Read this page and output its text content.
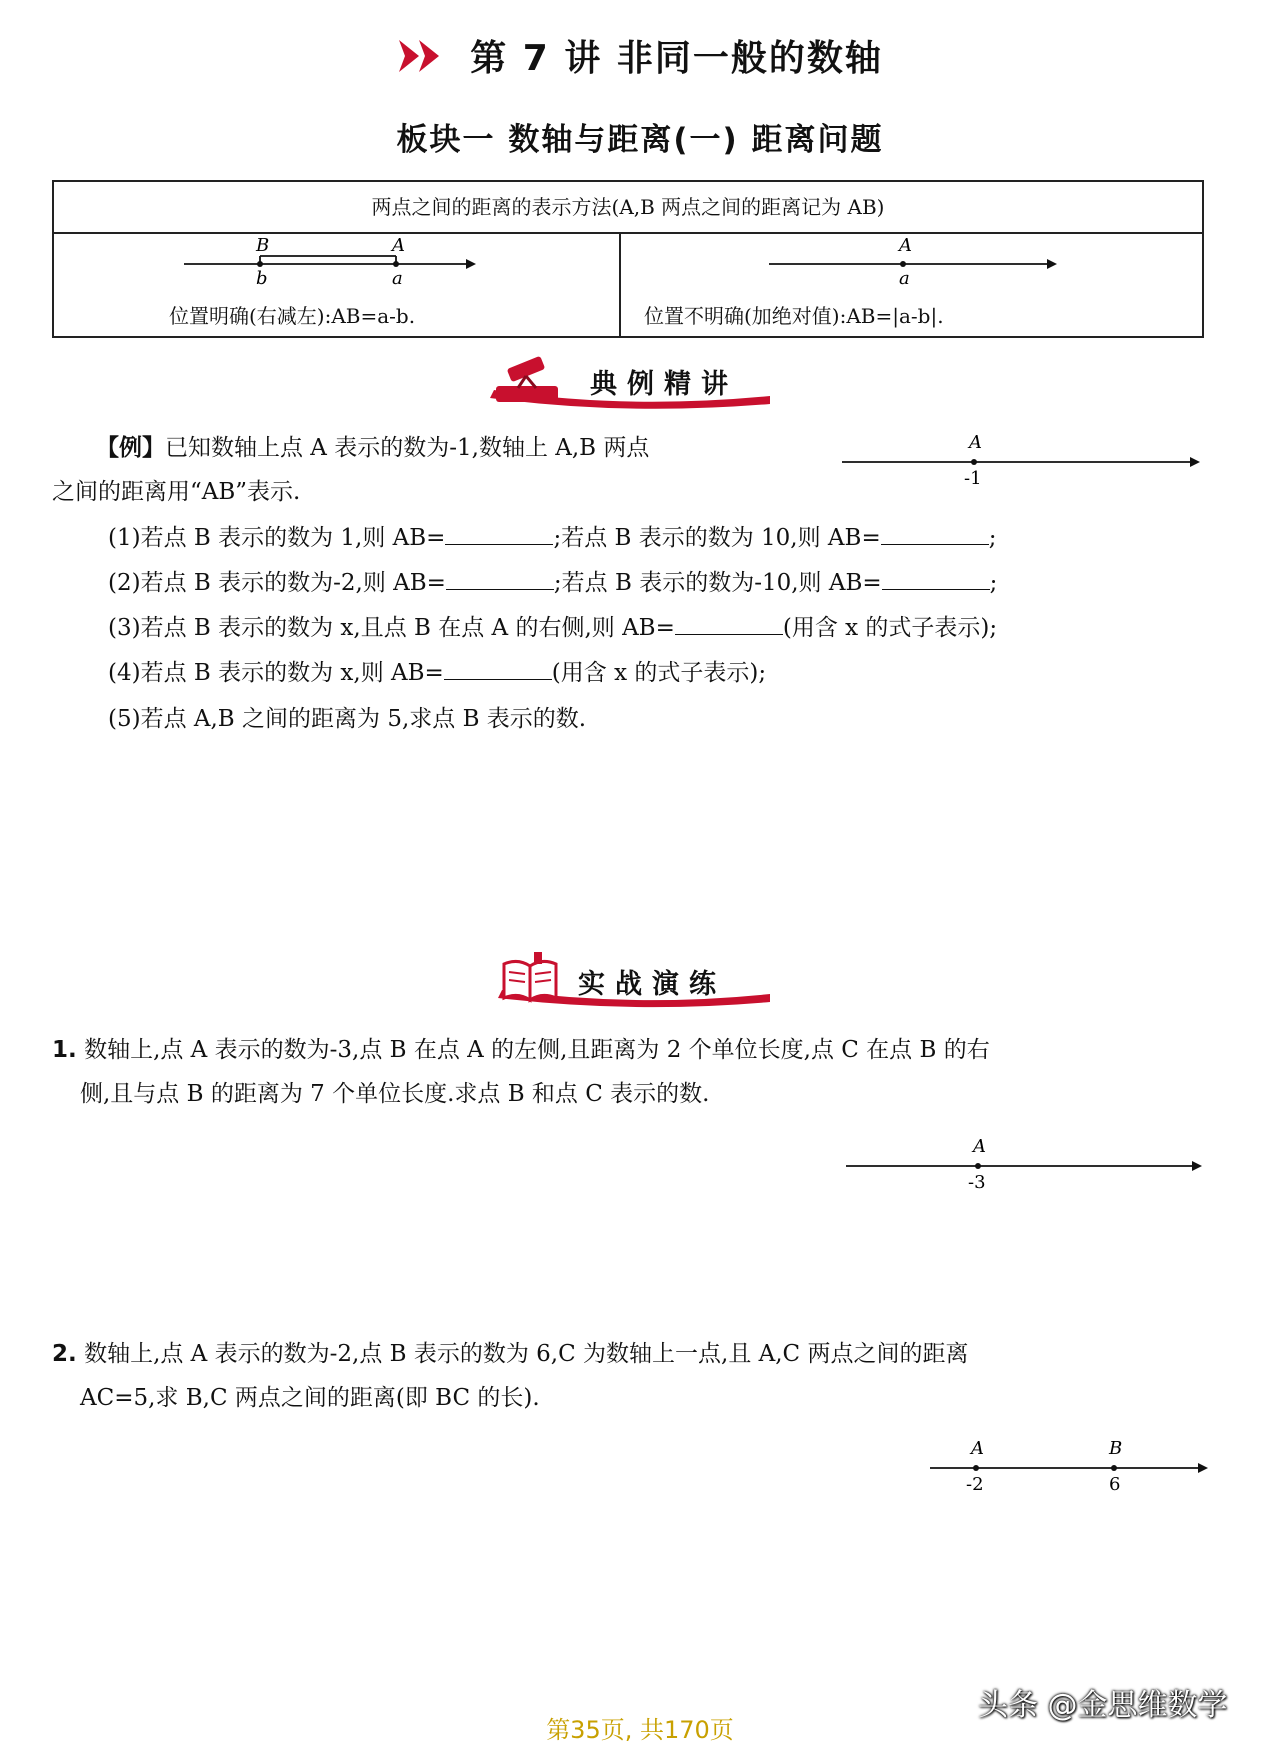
第 7 讲 非同一般的数轴
板块一 数轴与距离(一) 距离问题
两点之间的距离的表示方法(A,B 两点之间的距离记为 AB)
B	A
b	a
位置明确(右减左):AB=a-b.
A
a
位置不明确(加绝对值):AB=|a-b|.
典例精讲
【例】已知数轴上点 A 表示的数为-1,数轴上 A,B 两点
之间的距离用“AB”表示.
A
-1
(1)若点 B 表示的数为 1,则 AB=	;若点 B 表示的数为 10,则 AB=	;
(2)若点 B 表示的数为-2,则 AB=	;若点 B 表示的数为-10,则 AB=	;
(3)若点 B 表示的数为 x,且点 B 在点 A 的右侧,则 AB=	(用含 x 的式子表示);
(4)若点 B 表示的数为 x,则 AB=	(用含 x 的式子表示);
(5)若点 A,B 之间的距离为 5,求点 B 表示的数.
实战演练
1. 数轴上,点 A 表示的数为-3,点 B 在点 A 的左侧,且距离为 2 个单位长度,点 C 在点 B 的右
侧,且与点 B 的距离为 7 个单位长度.求点 B 和点 C 表示的数.
A
-3
2. 数轴上,点 A 表示的数为-2,点 B 表示的数为 6,C 为数轴上一点,且 A,C 两点之间的距离
AC=5,求 B,C 两点之间的距离(即 BC 的长).
A	B
-2	6
头条 @金思维数学
第35页, 共170页
